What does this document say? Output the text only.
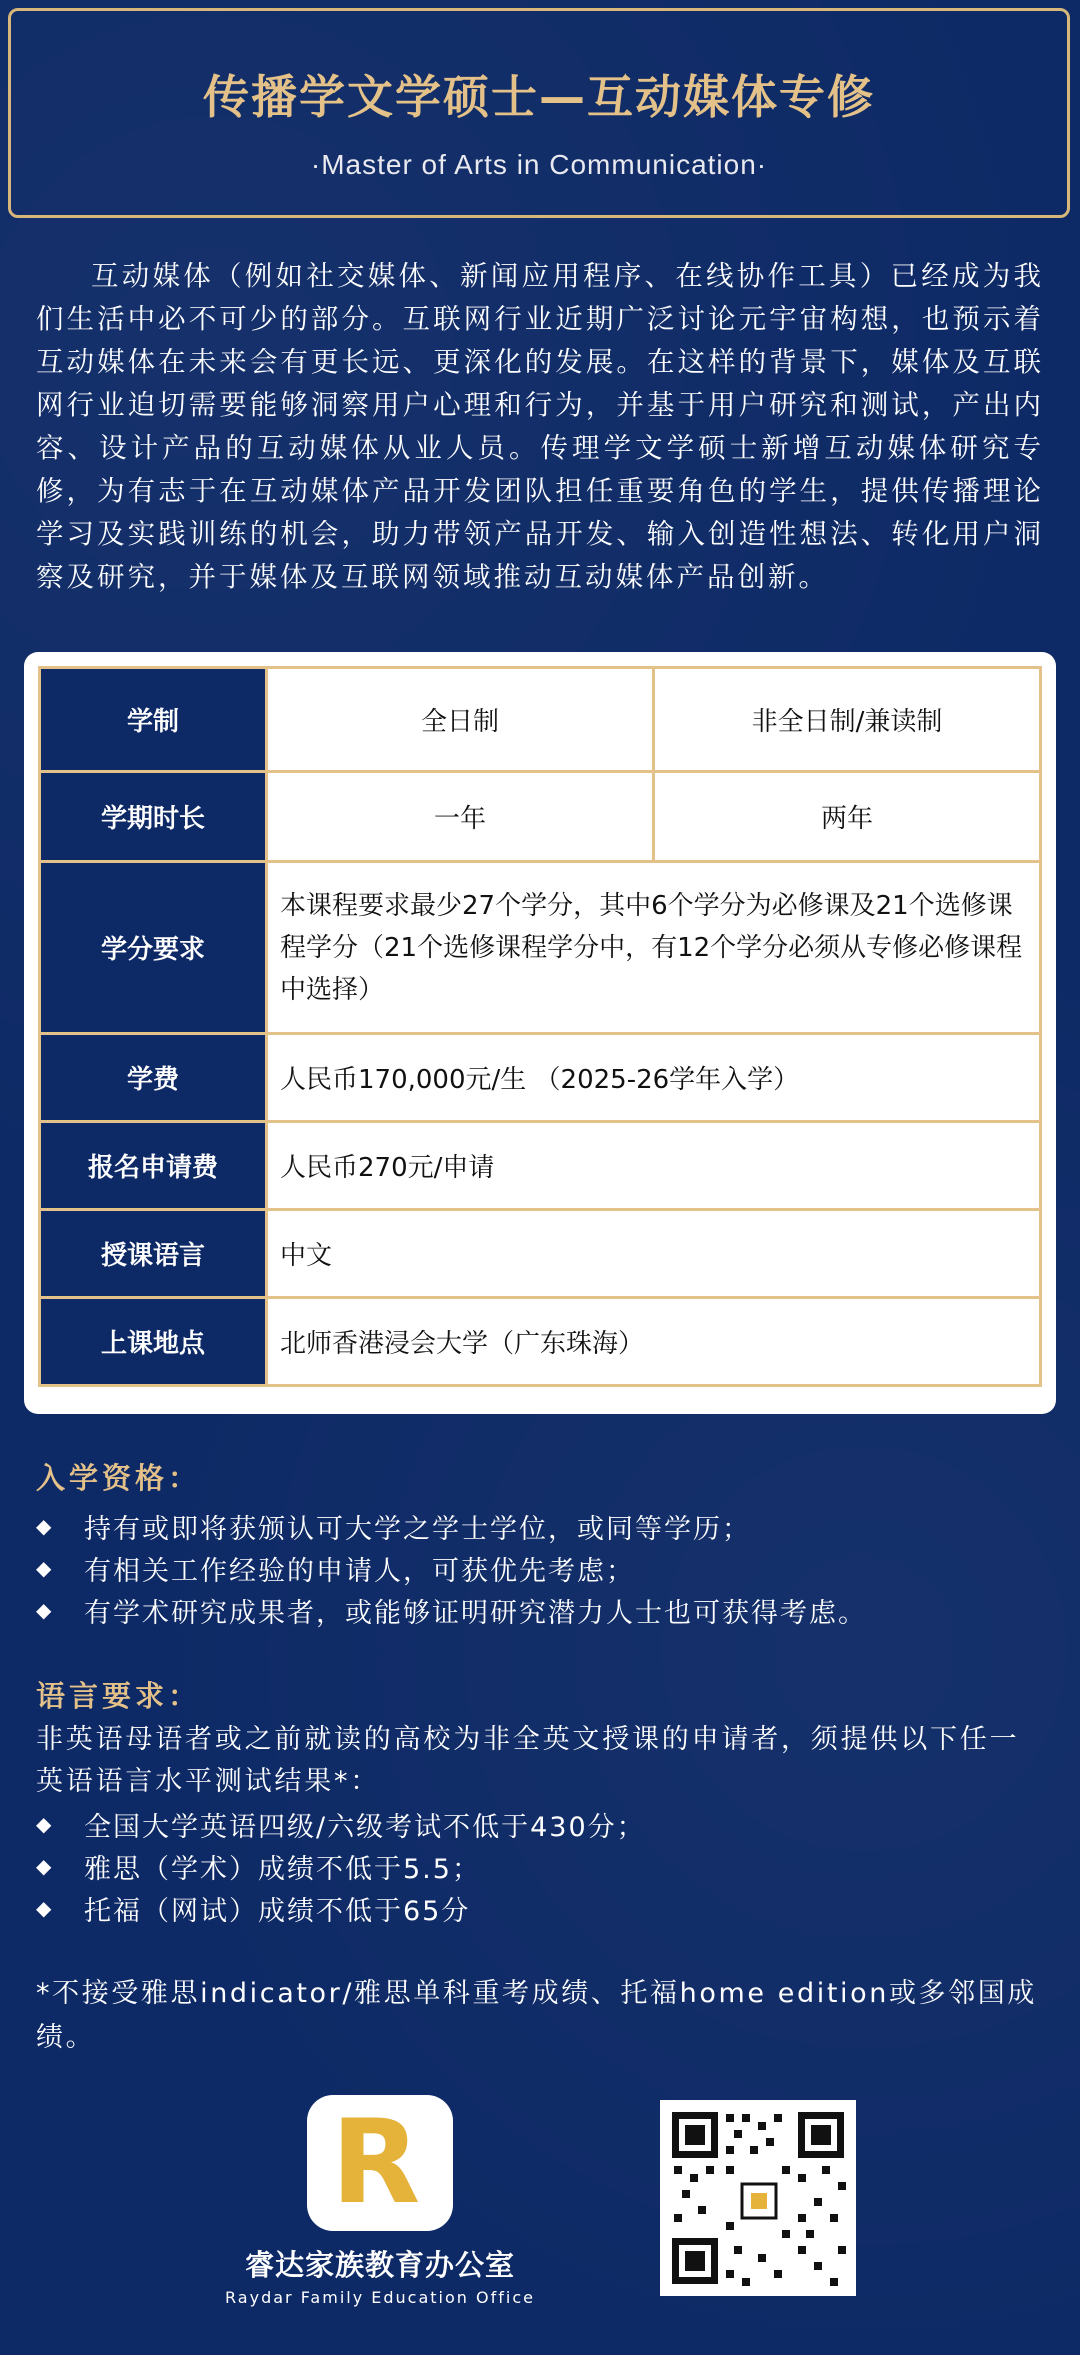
传播学文学硕士—互动媒体专修
·Master of Arts in Communication·
互动媒体（例如社交媒体、新闻应用程序、在线协作工具）已经成为我们生活中必不可少的部分。互联网行业近期广泛讨论元宇宙构想，也预示着互动媒体在未来会有更长远、更深化的发展。在这样的背景下，媒体及互联网行业迫切需要能够洞察用户心理和行为，并基于用户研究和测试，产出内容、设计产品的互动媒体从业人员。传理学文学硕士新增互动媒体研究专修，为有志于在互动媒体产品开发团队担任重要角色的学生，提供传播理论学习及实践训练的机会，助力带领产品开发、输入创造性想法、转化用户洞察及研究，并于媒体及互联网领域推动互动媒体产品创新。
学制	全日制	非全日制/兼读制
学期时长	一年	两年
学分要求	本课程要求最少27个学分，其中6个学分为必修课及21个选修课程学分（21个选修课程学分中，有12个学分必须从专修必修课程中选择）	
学费	人民币170,000元/生 （2025-26学年入学）	
报名申请费	人民币270元/申请	
授课语言	中文	
上课地点	北师香港浸会大学（广东珠海）	
入学资格：
◆	持有或即将获颁认可大学之学士学位，或同等学历；
◆	有相关工作经验的申请人，可获优先考虑；
◆	有学术研究成果者，或能够证明研究潜力人士也可获得考虑。
语言要求：
非英语母语者或之前就读的高校为非全英文授课的申请者，须提供以下任一英语语言水平测试结果*：
◆	全国大学英语四级/六级考试不低于430分；
◆	雅思（学术）成绩不低于5.5；
◆	托福（网试）成绩不低于65分
*不接受雅思indicator/雅思单科重考成绩、托福home edition或多邻国成绩。
R
睿达家族教育办公室
Raydar Family Education Office
